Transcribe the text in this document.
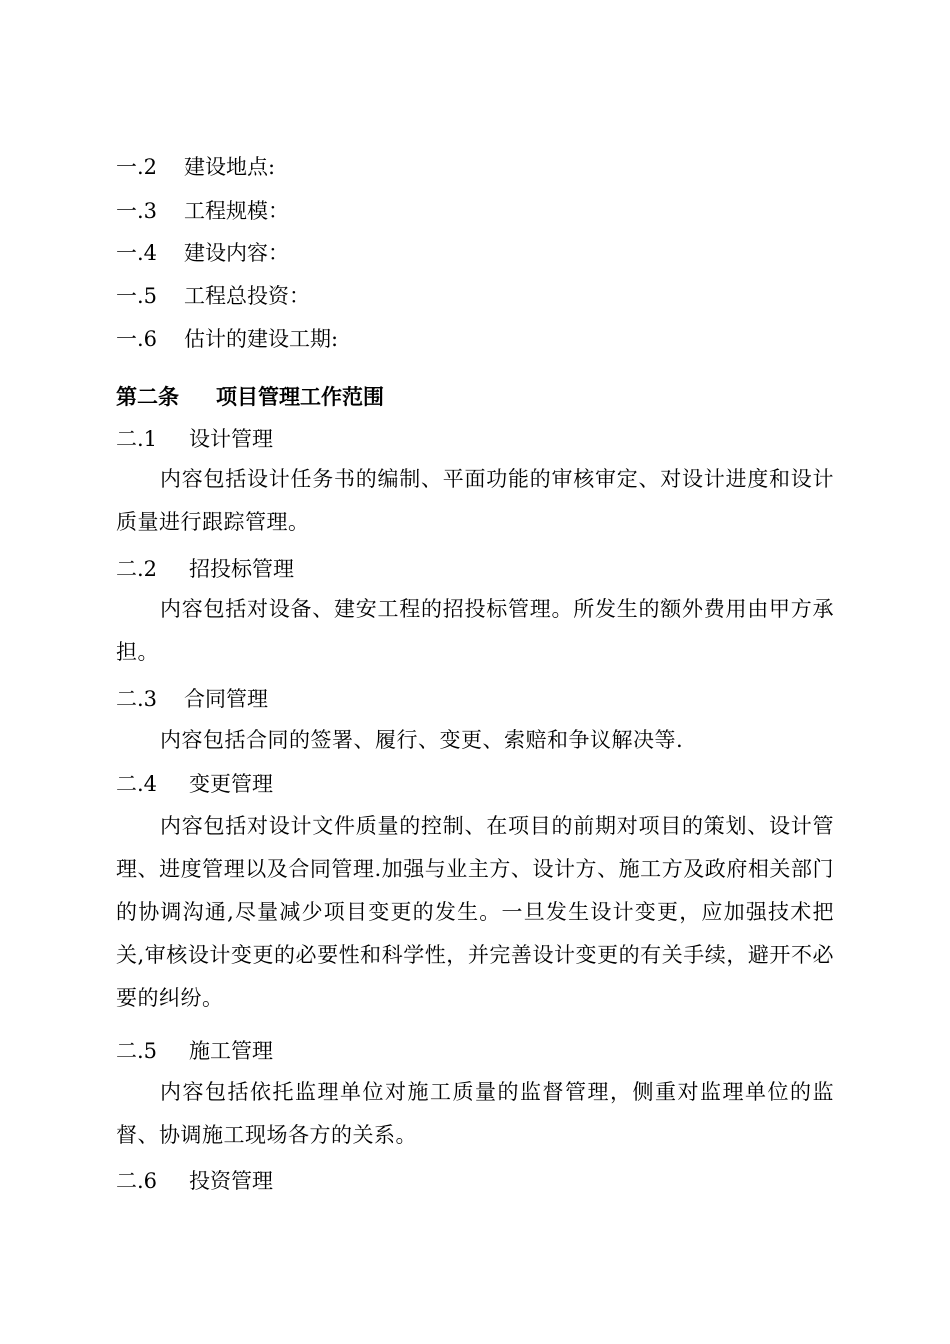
一.2 建设地点:
一.3 工程规模：
一.4 建设内容：
一.5 工程总投资：
一.6 估计的建设工期:
第二条 项目管理工作范围
二.1 设计管理
内容包括设计任务书的编制、平面功能的审核审定、对设计进度和设计质量进行跟踪管理。
二.2 招投标管理
内容包括对设备、建安工程的招投标管理。所发生的额外费用由甲方承担。
二.3 合同管理
内容包括合同的签署、履行、变更、索赔和争议解决等.
二.4 变更管理
内容包括对设计文件质量的控制、在项目的前期对项目的策划、设计管理、进度管理以及合同管理.加强与业主方、设计方、施工方及政府相关部门的协调沟通,尽量减少项目变更的发生。一旦发生设计变更，应加强技术把关,审核设计变更的必要性和科学性，并完善设计变更的有关手续，避开不必要的纠纷。
二.5 施工管理
内容包括依托监理单位对施工质量的监督管理，侧重对监理单位的监督、协调施工现场各方的关系。
二.6 投资管理
